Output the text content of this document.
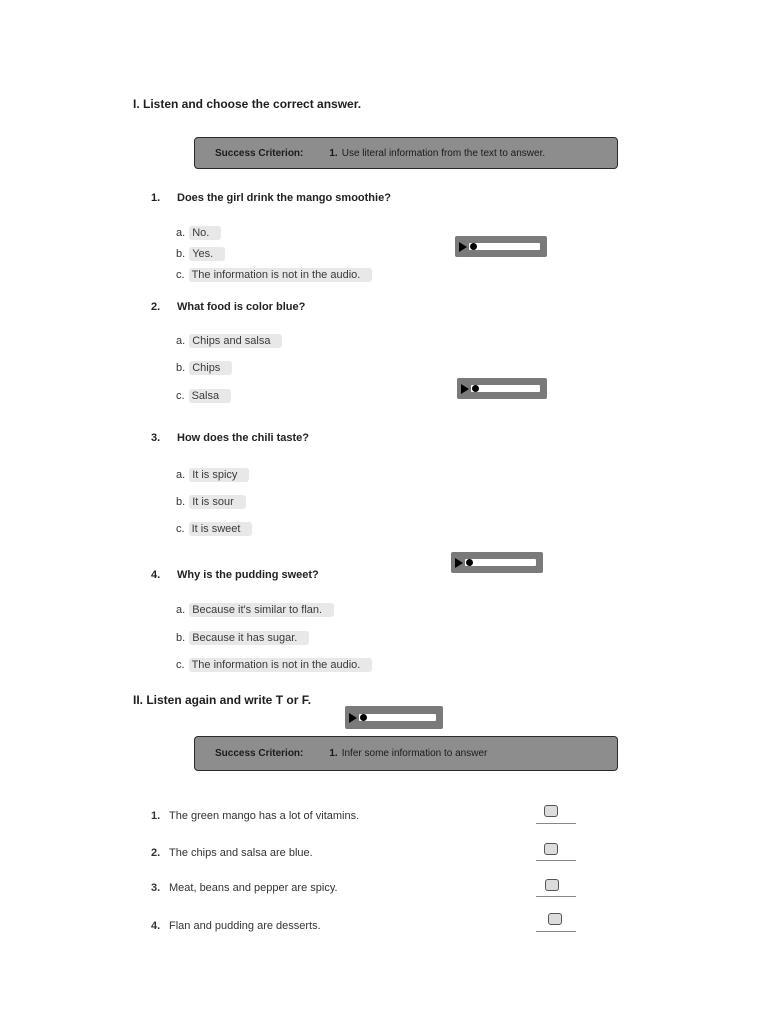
I. Listen and choose the correct answer.
Success Criterion:	1. Use literal information from the text to answer.
1. Does the girl drink the mango smoothie?
a. No.
b. Yes.
c. The information is not in the audio.
2. What food is color blue?
a. Chips and salsa
b. Chips
c. Salsa
3. How does the chili taste?
a. It is spicy
b. It is sour
c. It is sweet
4. Why is the pudding sweet?
a. Because it's similar to flan.
b. Because it has sugar.
c. The information is not in the audio.
II. Listen again and write T or F.
Success Criterion:	1. Infer some information to answer
1. The green mango has a lot of vitamins.
2. The chips and salsa are blue.
3. Meat, beans and pepper are spicy.
4. Flan and pudding are desserts.
